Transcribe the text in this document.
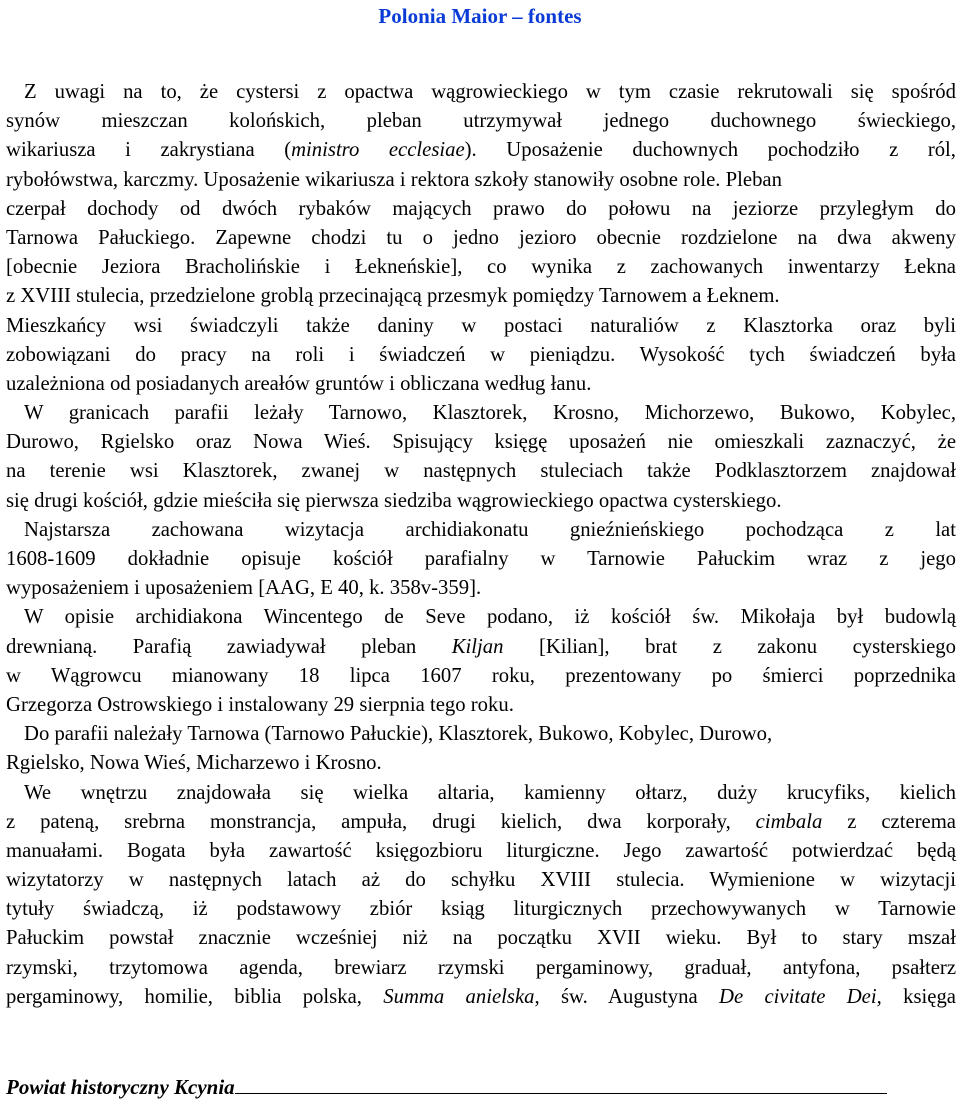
Polonia Maior – fontes
Z uwagi na to, że cystersi z opactwa wągrowieckiego w tym czasie rekrutowali się spośród
synów mieszczan kolońskich, pleban utrzymywał jednego duchownego świeckiego,
wikariusza i zakrystiana (ministro ecclesiae). Uposażenie duchownych pochodziło z ról,
rybołówstwa, karczmy. Uposażenie wikariusza i rektora szkoły stanowiły osobne role. Pleban
czerpał dochody od dwóch rybaków mających prawo do połowu na jeziorze przyległym do
Tarnowa Pałuckiego. Zapewne chodzi tu o jedno jezioro obecnie rozdzielone na dwa akweny
[obecnie Jeziora Bracholińskie i Łekneńskie], co wynika z zachowanych inwentarzy Łekna
z XVIII stulecia, przedzielone groblą przecinającą przesmyk pomiędzy Tarnowem a Łeknem.
Mieszkańcy wsi świadczyli także daniny w postaci naturaliów z Klasztorka oraz byli
zobowiązani do pracy na roli i świadczeń w pieniądzu. Wysokość tych świadczeń była
uzależniona od posiadanych areałów gruntów i obliczana według łanu.
W granicach parafii leżały Tarnowo, Klasztorek, Krosno, Michorzewo, Bukowo, Kobylec,
Durowo, Rgielsko oraz Nowa Wieś. Spisujący księgę uposażeń nie omieszkali zaznaczyć, że
na terenie wsi Klasztorek, zwanej w następnych stuleciach także Podklasztorzem znajdował
się drugi kościół, gdzie mieściła się pierwsza siedziba wągrowieckiego opactwa cysterskiego.
Najstarsza zachowana wizytacja archidiakonatu gnieźnieńskiego pochodząca z lat
1608-1609 dokładnie opisuje kościół parafialny w Tarnowie Pałuckim wraz z jego
wyposażeniem i uposażeniem [AAG, E 40, k. 358v-359].
W opisie archidiakona Wincentego de Seve podano, iż kościół św. Mikołaja był budowlą
drewnianą. Parafią zawiadywał pleban Kiljan [Kilian], brat z zakonu cysterskiego
w Wągrowcu mianowany 18 lipca 1607 roku, prezentowany po śmierci poprzednika
Grzegorza Ostrowskiego i instalowany 29 sierpnia tego roku.
Do parafii należały Tarnowa (Tarnowo Pałuckie), Klasztorek, Bukowo, Kobylec, Durowo,
Rgielsko, Nowa Wieś, Micharzewo i Krosno.
We wnętrzu znajdowała się wielka altaria, kamienny ołtarz, duży krucyfiks, kielich
z pateną, srebrna monstrancja, ampuła, drugi kielich, dwa korporały, cimbala z czterema
manuałami. Bogata była zawartość księgozbioru liturgiczne. Jego zawartość potwierdzać będą
wizytatorzy w następnych latach aż do schyłku XVIII stulecia. Wymienione w wizytacji
tytuły świadczą, iż podstawowy zbiór ksiąg liturgicznych przechowywanych w Tarnowie
Pałuckim powstał znacznie wcześniej niż na początku XVII wieku. Był to stary mszał
rzymski, trzytomowa agenda, brewiarz rzymski pergaminowy, graduał, antyfona, psałterz
pergaminowy, homilie, biblia polska, Summa anielska, św. Augustyna De civitate Dei, księga
Powiat historyczny Kcynia
